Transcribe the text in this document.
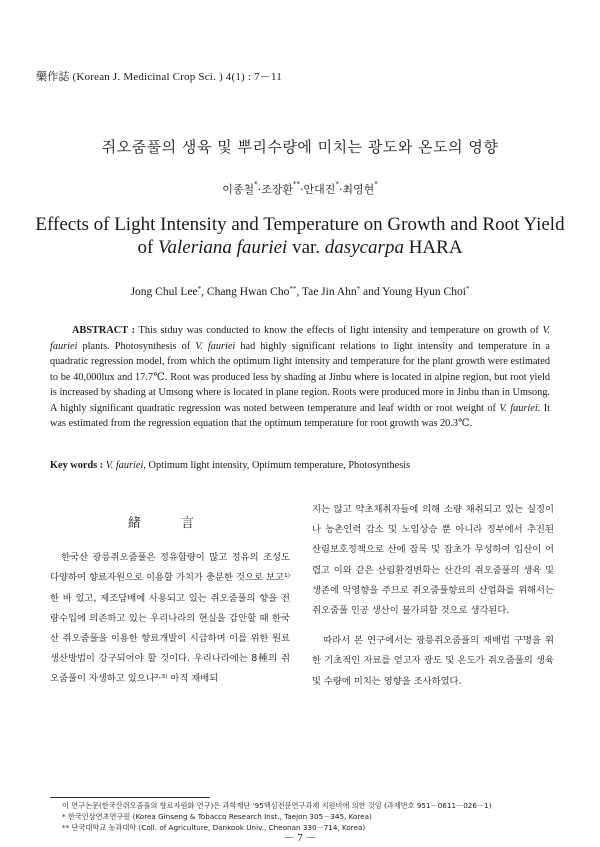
藥作誌 (Korean J. Medicinal Crop Sci. ) 4(1) : 7－11
쥐오줌풀의 생육 및 뿌리수량에 미치는 광도와 온도의 영향
이종철*·조장환**·안대진*·최영현*
Effects of Light Intensity and Temperature on Growth and Root Yield
of Valeriana fauriei var. dasycarpa HARA
Jong Chul Lee*, Chang Hwan Cho**, Tae Jin Ahn* and Young Hyun Choi*
ABSTRACT : This stduy was conducted to know the effects of light intensity and temperature on growth of V. fauriei plants. Photosynthesis of V. fauriei had highly significant relations to light intensity and temperature in a quadratic regression model, from which the optimum light intensity and temperature for the plant growth were estimated to be 40,000lux and 17.7℃. Root was produced less by shading at Jinbu where is located in alpine region, but root yield is increased by shading at Umsong where is located in plane region. Roots were produced more in Jinbu than in Umsong. A highly significant quadratic regression was noted between temperature and leaf width or root weight of V. fauriei. It was estimated from the regression equation that the optimum temperature for root growth was 20.3℃.
Key words : V. fauriei, Optimum light intensity, Optimum temperature, Photosynthesis
緒 言

한국산 광릉쥐오줌풀은 정유함량이 많고 정유의 조성도 다양하여 향료자원으로 이용할 가치가 충분한 것으로 보고¹⁾한 바 있고, 제조담배에 사용되고 있는 쥐오줌풀의 향을 전량수입에 의존하고 있는 우리나라의 현실을 감안할 때 한국산 쥐오줌풀을 이용한 향료개발이 시급하며 이를 위한 원료생산방법이 강구되어야 할 것이다. 우리나라에는 8種의 쥐오줌풀이 자생하고 있으나²·³⁾ 아직 재배되

지는 않고 약초채취자들에 의해 소량 채취되고 있는 실정이나 농촌인력 감소 및 노임상승 뿐 아니라 정부에서 추진된 산림보호정책으로 산에 잡목 및 잡초가 무성하여 입산이 어렵고 이와 같은 산림환경변화는 산간의 쥐오줌풀의 생육 및 생존에 악영향을 주므로 쥐오줌풀향료의 산업화를 위해서는 쥐오줌풀 인공 생산이 불가피할 것으로 생각된다.

따라서 본 연구에서는 광릉쥐오줌풀의 재배법 구명을 위한 기초적인 자료를 얻고자 광도 및 온도가 쥐오줌풀의 생육 및 수량에 미치는 영향을 조사하였다.

이 연구논문(한국산쥐오줌풀의 향료자원화 연구)은 과학재단 '95핵심전문연구과제 지원비에 의한 것임 (과제번호 951－0611－026－1)
* 한국인삼연초연구원 (Korea Ginseng & Tobacco Research Inst., Taejon 305－345, Korea)
** 단국대학교 농과대학 (Coll. of Agriculture, Dankook Univ., Cheonan 330－714, Korea)
－ 7 －
